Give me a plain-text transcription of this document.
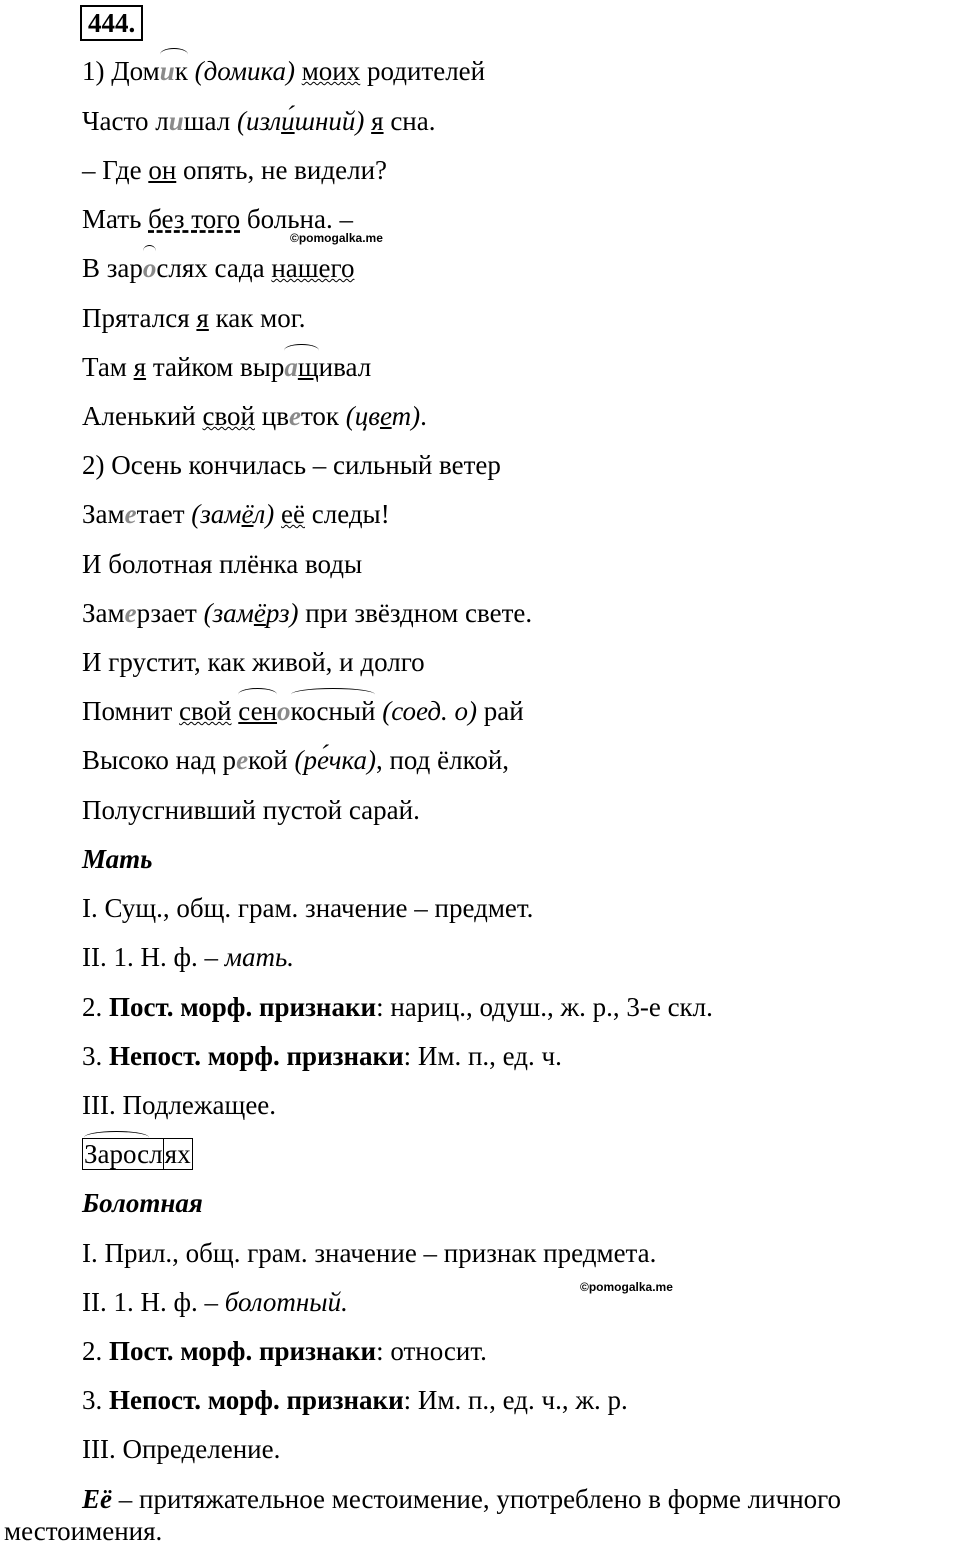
444.
1) Домик (домика) моих родителей
Часто лишал (изли́шний) я сна.
– Где он опять, не видели?
Мать без того больна. –
©pomogalka.me
В зарослях сада нашего
Прятался я как мог.
Там я тайком выращивал
Аленький свой цветок (цвет).
2) Осень кончилась – сильный ветер
Заметает (замёл) её следы!
И болотная плёнка воды
Замерзает (замёрз) при звёздном свете.
И грустит, как живой, и долго
Помнит свой сенокосный (соед. о) рай
Высоко над рекой (ре́чка), под ёлкой,
Полусгнивший пустой сарай.
Мать
I. Сущ., общ. грам. значение – предмет.
II. 1. Н. ф. – мать.
2. Пост. морф. признаки: нариц., одуш., ж. р., 3-е скл.
3. Непост. морф. признаки: Им. п., ед. ч.
III. Подлежащее.
Зарослях
Болотная
I. Прил., общ. грам. значение – признак предмета.
©pomogalka.me
II. 1. Н. ф. – болотный.
2. Пост. морф. признаки: относит.
3. Непост. морф. признаки: Им. п., ед. ч., ж. р.
III. Определение.
Её – притяжательное местоимение, употреблено в форме личного
местоимения.
